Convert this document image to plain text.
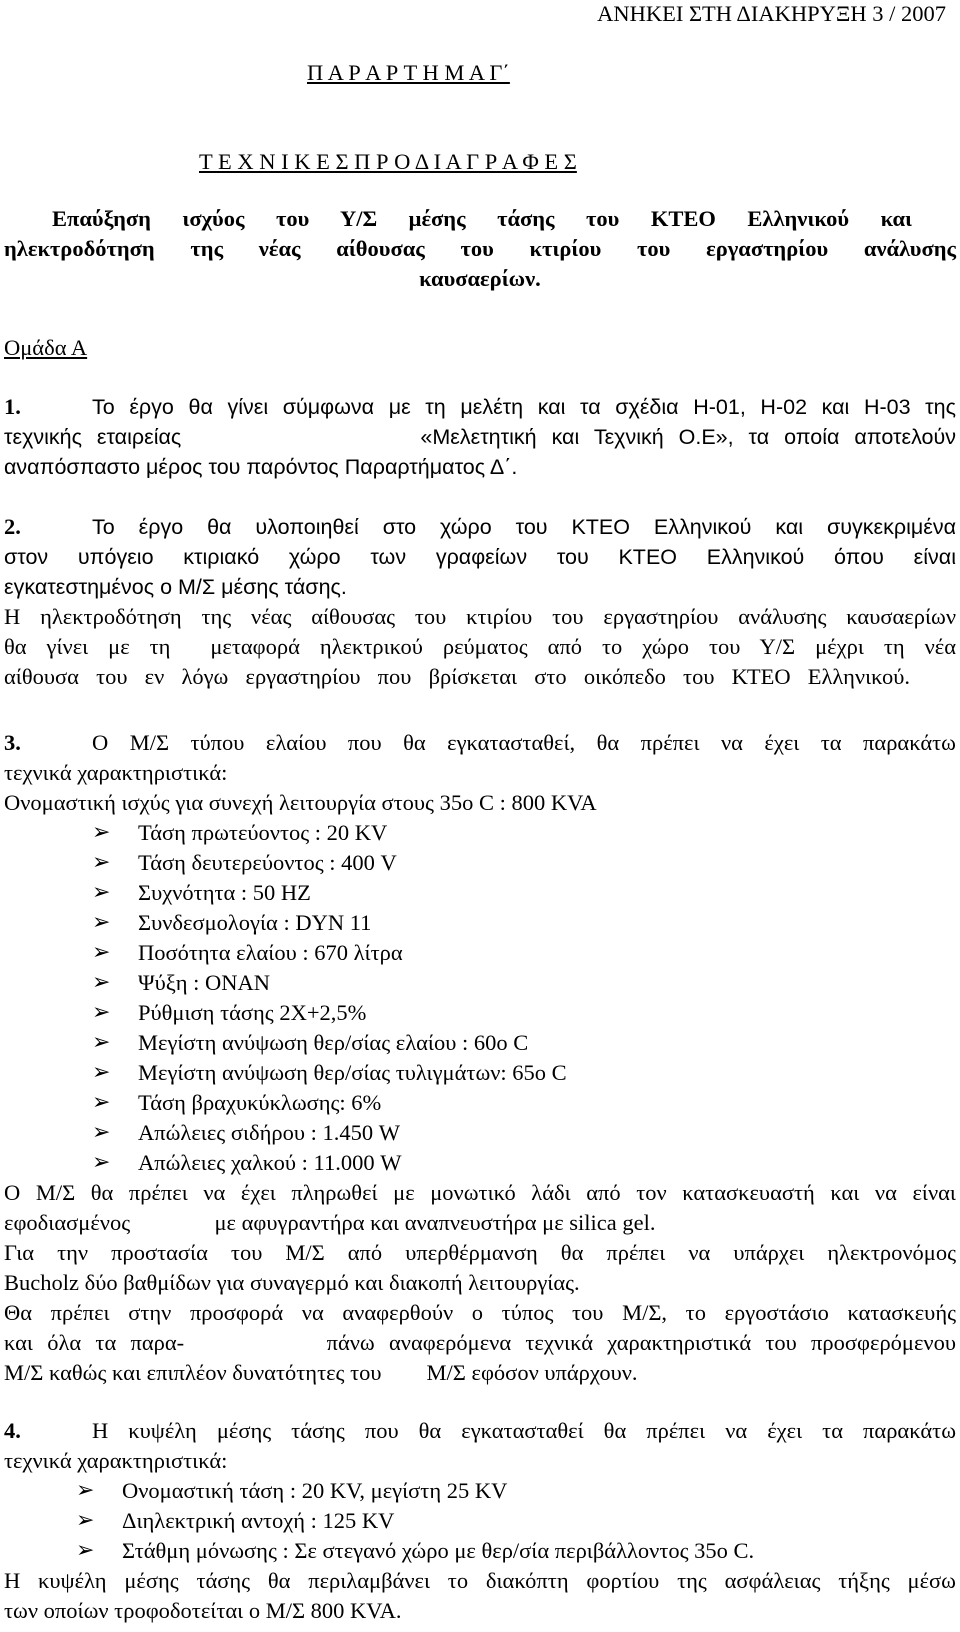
ΑΝΗΚΕΙ ΣΤΗ ΔΙΑΚΗΡΥΞΗ 3 / 2007
Π Α Ρ Α Ρ Τ Η Μ Α Γ΄
Τ Ε Χ Ν Ι Κ Ε Σ Π Ρ Ο Δ Ι Α Γ Ρ Α Φ Ε Σ
Επαύξηση ισχύος του Υ/Σ μέσης τάσης του ΚΤΕΟ Ελληνικού και
ηλεκτροδότηση της νέας αίθουσας του κτιρίου του εργαστηρίου ανάλυσης
καυσαερίων.
Ομάδα Α
1.	Το έργο θα γίνει σύμφωνα με τη μελέτη και τα σχέδια Η-01, Η-02 και Η-03 της
τεχνικής εταιρείας                «Μελετητική και Τεχνική Ο.Ε», τα οποία αποτελούν
αναπόσπαστο μέρος του παρόντος Παραρτήματος Δ΄.
2.	Το έργο θα υλοποιηθεί στο χώρο του ΚΤΕΟ Ελληνικού και συγκεκριμένα
στον υπόγειο κτιριακό χώρο των γραφείων του ΚΤΕΟ Ελληνικού όπου είναι
εγκατεστημένος ο Μ/Σ μέσης τάσης.
Η ηλεκτροδότηση της νέας αίθουσας του κτιρίου του εργαστηρίου ανάλυσης καυσαερίων
θα γίνει με τη  μεταφορά ηλεκτρικού ρεύματος από το χώρο του Υ/Σ μέχρι τη νέα
αίθουσα του εν λόγω εργαστηρίου που βρίσκεται στο οικόπεδο του ΚΤΕΟ Ελληνικού.
3.	Ο Μ/Σ τύπου ελαίου που θα εγκατασταθεί, θα πρέπει να έχει τα παρακάτω
τεχνικά χαρακτηριστικά:
Ονομαστική ισχύς για συνεχή λειτουργία στους 35ο C : 800 KVA
➢ Τάση πρωτεύοντος : 20 KV
➢ Τάση δευτερεύοντος : 400 V
➢ Συχνότητα : 50 HZ
➢ Συνδεσμολογία : DYN 11
➢ Ποσότητα ελαίου : 670 λίτρα
➢ Ψύξη : ONAN
➢ Ρύθμιση τάσης 2Χ+2,5%
➢ Μεγίστη ανύψωση θερ/σίας ελαίου : 60ο C
➢ Μεγίστη ανύψωση θερ/σίας τυλιγμάτων: 65ο C
➢ Τάση βραχυκύκλωσης: 6%
➢ Απώλειες σιδήρου : 1.450 W
➢ Απώλειες χαλκού : 11.000 W
Ο Μ/Σ θα πρέπει να έχει πληρωθεί με μονωτικό λάδι από τον κατασκευαστή και να είναι
εφοδιασμένος               με αφυγραντήρα και αναπνευστήρα με silica gel.
Για την προστασία του Μ/Σ από υπερθέρμανση θα πρέπει να υπάρχει ηλεκτρονόμος
Bucholz δύο βαθμίδων για συναγερμό και διακοπή λειτουργίας.
Θα πρέπει στην προσφορά να αναφερθούν ο τύπος του Μ/Σ, το εργοστάσιο κατασκευής
και όλα τα παρα-          πάνω αναφερόμενα τεχνικά χαρακτηριστικά του προσφερόμενου
Μ/Σ καθώς και επιπλέον δυνατότητες του        Μ/Σ εφόσον υπάρχουν.
4.	Η κυψέλη μέσης τάσης που θα εγκατασταθεί θα πρέπει να έχει τα παρακάτω
τεχνικά χαρακτηριστικά:
➢ Ονομαστική τάση : 20 KV, μεγίστη 25 KV
➢ Διηλεκτρική αντοχή : 125 KV
➢ Στάθμη μόνωσης : Σε στεγανό χώρο με θερ/σία περιβάλλοντος 35ο C.
Η κυψέλη μέσης τάσης θα περιλαμβάνει το διακόπτη φορτίου της ασφάλειας τήξης μέσω
των οποίων τροφοδοτείται ο Μ/Σ 800 KVA.
